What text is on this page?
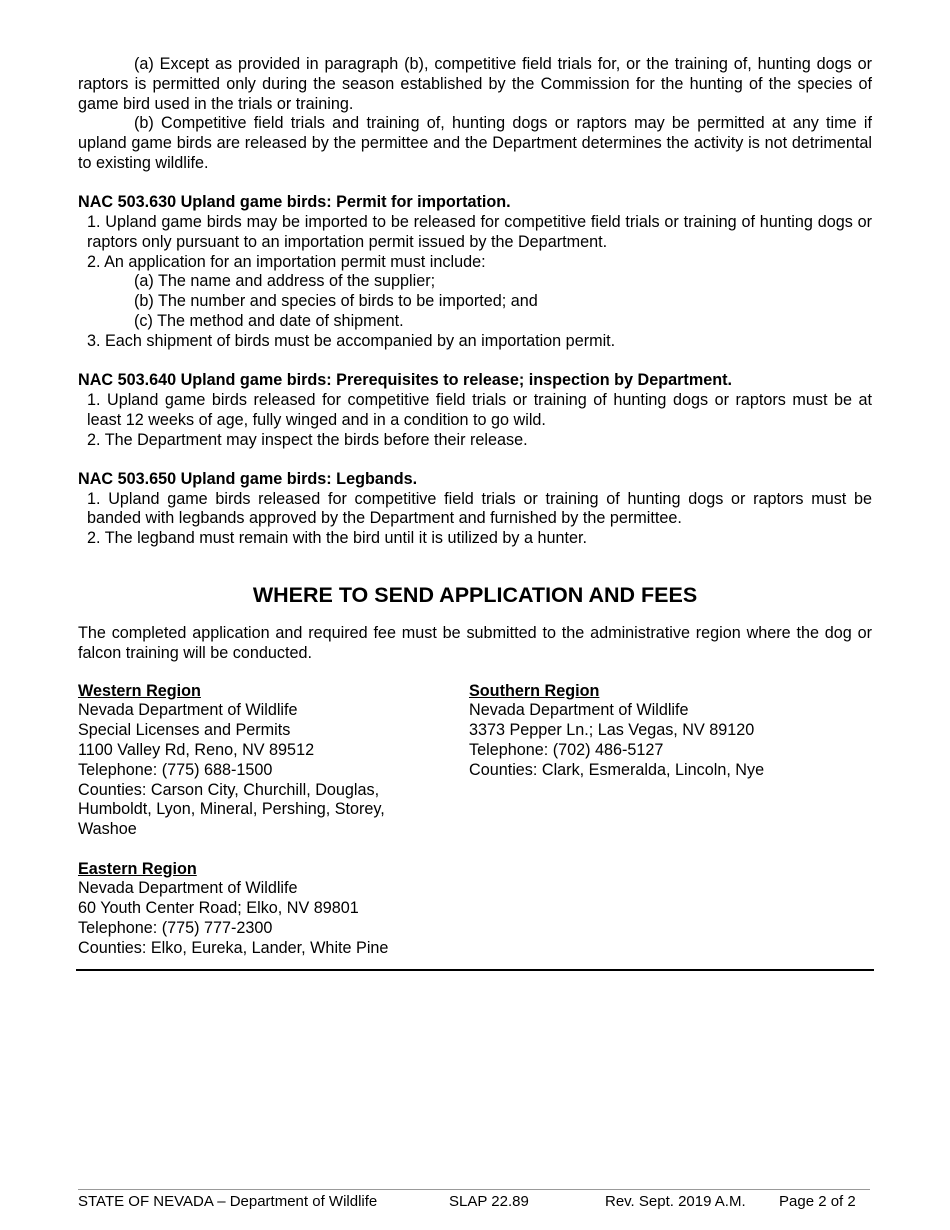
(a) Except as provided in paragraph (b), competitive field trials for, or the training of, hunting dogs or raptors is permitted only during the season established by the Commission for the hunting of the species of game bird used in the trials or training.

(b) Competitive field trials and training of, hunting dogs or raptors may be permitted at any time if upland game birds are released by the permittee and the Department determines the activity is not detrimental to existing wildlife.

NAC 503.630 Upland game birds: Permit for importation.

1. Upland game birds may be imported to be released for competitive field trials or training of hunting dogs or raptors only pursuant to an importation permit issued by the Department.

2. An application for an importation permit must include:

(a) The name and address of the supplier;

(b) The number and species of birds to be imported; and

(c) The method and date of shipment.

3. Each shipment of birds must be accompanied by an importation permit.

NAC 503.640 Upland game birds: Prerequisites to release; inspection by Department.

1. Upland game birds released for competitive field trials or training of hunting dogs or raptors must be at least 12 weeks of age, fully winged and in a condition to go wild.

2. The Department may inspect the birds before their release.

NAC 503.650 Upland game birds: Legbands.

1. Upland game birds released for competitive field trials or training of hunting dogs or raptors must be banded with legbands approved by the Department and furnished by the permittee.

2. The legband must remain with the bird until it is utilized by a hunter.

WHERE TO SEND APPLICATION AND FEES

The completed application and required fee must be submitted to the administrative region where the dog or falcon training will be conducted.

Western Region

Nevada Department of Wildlife

Special Licenses and Permits

1100 Valley Rd, Reno, NV 89512

Telephone: (775) 688-1500

Counties: Carson City, Churchill, Douglas,

Humboldt, Lyon, Mineral, Pershing, Storey,

Washoe

Eastern Region

Nevada Department of Wildlife

60 Youth Center Road; Elko, NV 89801

Telephone: (775) 777-2300

Counties: Elko, Eureka, Lander, White Pine

Southern Region

Nevada Department of Wildlife

3373 Pepper Ln.; Las Vegas, NV 89120

Telephone: (702) 486-5127

Counties: Clark, Esmeralda, Lincoln, Nye

STATE OF NEVADA – Department of Wildlife	SLAP 22.89	Rev. Sept. 2019 A.M. Page 2 of 2
